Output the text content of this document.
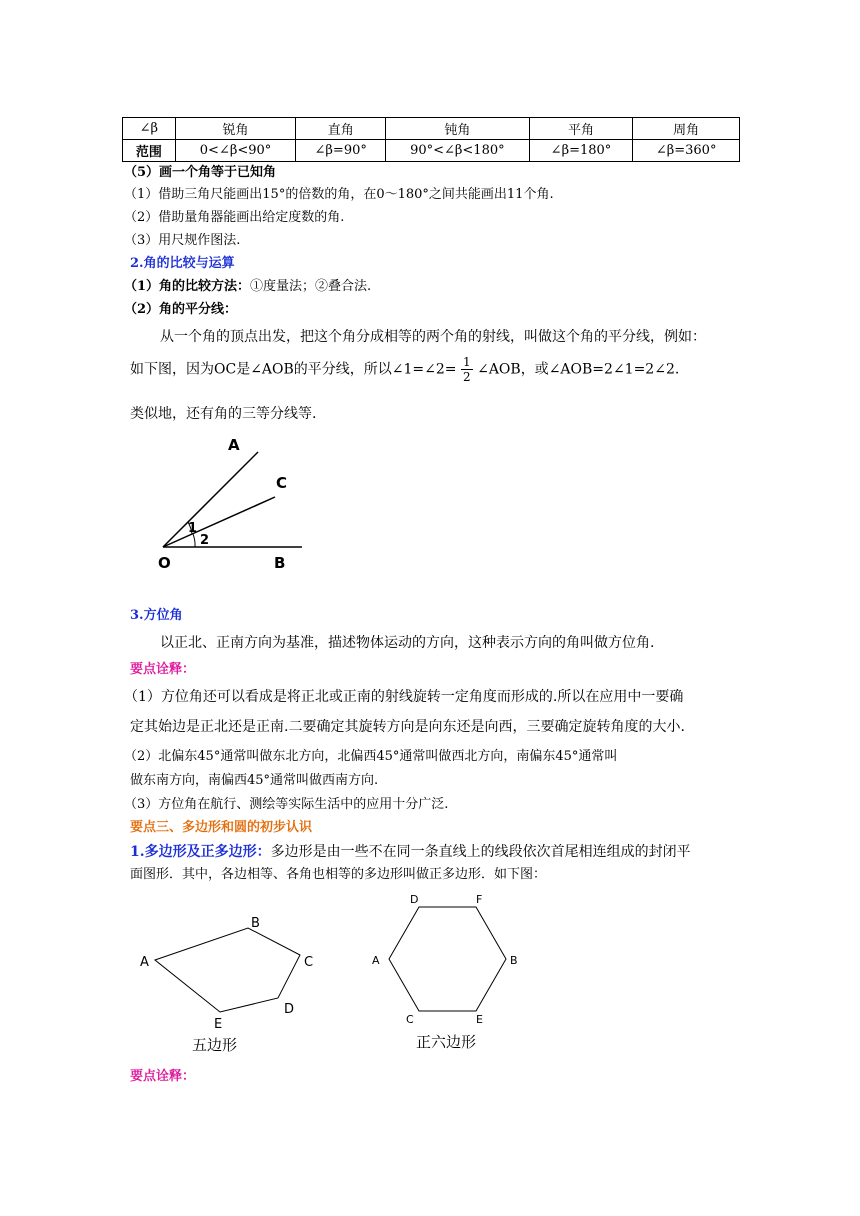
∠β	锐角	直角	钝角	平角	周角
范围	0<∠β<90°	∠β=90°	90°<∠β<180°	∠β=180°	∠β=360°
（5）画一个角等于已知角
（1）借助三角尺能画出15°的倍数的角，在0～180°之间共能画出11个角.
（2）借助量角器能画出给定度数的角.
（3）用尺规作图法.
2.角的比较与运算
（1）角的比较方法：①度量法；②叠合法.
（2）角的平分线：
从一个角的顶点出发，把这个角分成相等的两个角的射线，叫做这个角的平分线，例如：
如下图，因为OC是∠AOB的平分线，所以∠1=∠2= $\frac{1}{2}$ ∠AOB，或∠AOB=2∠1=2∠2.
类似地，还有角的三等分线等.
A
C
O	B
1
2
3.方位角
以正北、正南方向为基准，描述物体运动的方向，这种表示方向的角叫做方位角.
要点诠释：
（1）方位角还可以看成是将正北或正南的射线旋转一定角度而形成的.所以在应用中一要确
定其始边是正北还是正南.二要确定其旋转方向是向东还是向西，三要确定旋转角度的大小.
（2）北偏东45°通常叫做东北方向，北偏西45°通常叫做西北方向，南偏东45°通常叫
做东南方向，南偏西45°通常叫做西南方向.
（3）方位角在航行、测绘等实际生活中的应用十分广泛.
要点三、多边形和圆的初步认识
1.多边形及正多边形：多边形是由一些不在同一条直线上的线段依次首尾相连组成的封闭平
面图形．其中，各边相等、各角也相等的多边形叫做正多边形．如下图：
A
B
C
D
E
五边形
D	F
A	B
C	E
正六边形
要点诠释：
